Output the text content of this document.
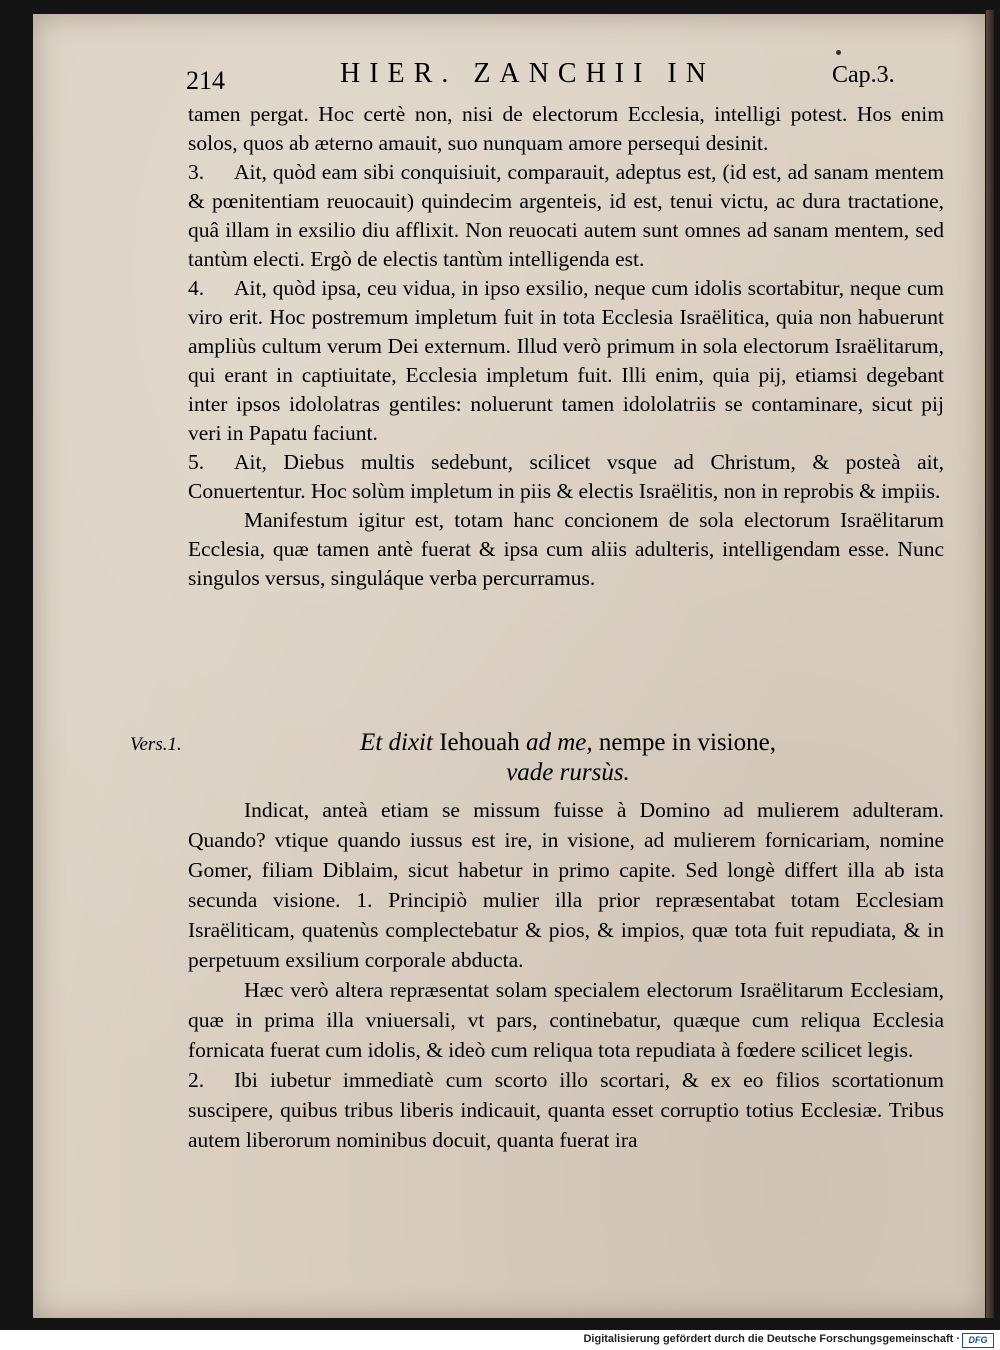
214	HIER. ZANCHII IN	Cap.3.

tamen pergat. Hoc certè non, nisi de electorum Ecclesia, intelligi potest. Hos enim solos, quos ab æterno amauit, suo nunquam amore persequi desinit.

3. Ait, quòd eam sibi conquisiuit, comparauit, adeptus est, (id est, ad sanam mentem & pœnitentiam reuocauit) quindecim argenteis, id est, tenui victu, ac dura tractatione, quâ illam in exsilio diu afflixit. Non reuocati autem sunt omnes ad sanam mentem, sed tantùm electi. Ergò de electis tantùm intelligenda est.

4. Ait, quòd ipsa, ceu vidua, in ipso exsilio, neque cum idolis scortabitur, neque cum viro erit. Hoc postremum impletum fuit in tota Ecclesia Israëlitica, quia non habuerunt ampliùs cultum verum Dei externum. Illud verò primum in sola electorum Israëlitarum, qui erant in captiuitate, Ecclesia impletum fuit. Illi enim, quia pij, etiamsi degebant inter ipsos idololatras gentiles: noluerunt tamen idololatriis se contaminare, sicut pij veri in Papatu faciunt.

5. Ait, Diebus multis sedebunt, scilicet vsque ad Christum, & posteà ait, Conuertentur. Hoc solùm impletum in piis & electis Israëlitis, non in reprobis & impiis.

Manifestum igitur est, totam hanc concionem de sola electorum Israëlitarum Ecclesia, quæ tamen antè fuerat & ipsa cum aliis adulteris, intelligendam esse. Nunc singulos versus, singuláque verba percurramus.

Vers.1.	Et dixit Iehouah ad me, nempe in visione,
vade rursùs.

Indicat, anteà etiam se missum fuisse à Domino ad mulierem adulteram. Quando? vtique quando iussus est ire, in visione, ad mulierem fornicariam, nomine Gomer, filiam Diblaim, sicut habetur in primo capite. Sed longè differt illa ab ista secunda visione. 1. Principiò mulier illa prior repræsentabat totam Ecclesiam Israëliticam, quatenùs complectebatur & pios, & impios, quæ tota fuit repudiata, & in perpetuum exsilium corporale abducta.

Hæc verò altera repræsentat solam specialem electorum Israëlitarum Ecclesiam, quæ in prima illa vniuersali, vt pars, continebatur, quæque cum reliqua Ecclesia fornicata fuerat cum idolis, & ideò cum reliqua tota repudiata à fœdere scilicet legis.

2. Ibi iubetur immediatè cum scorto illo scortari, & ex eo filios scortationum suscipere, quibus tribus liberis indicauit, quanta esset corruptio totius Ecclesiæ. Tribus autem liberorum nominibus docuit, quanta fuerat ira

Digitalisierung gefördert durch die Deutsche Forschungsgemeinschaft · DFG
